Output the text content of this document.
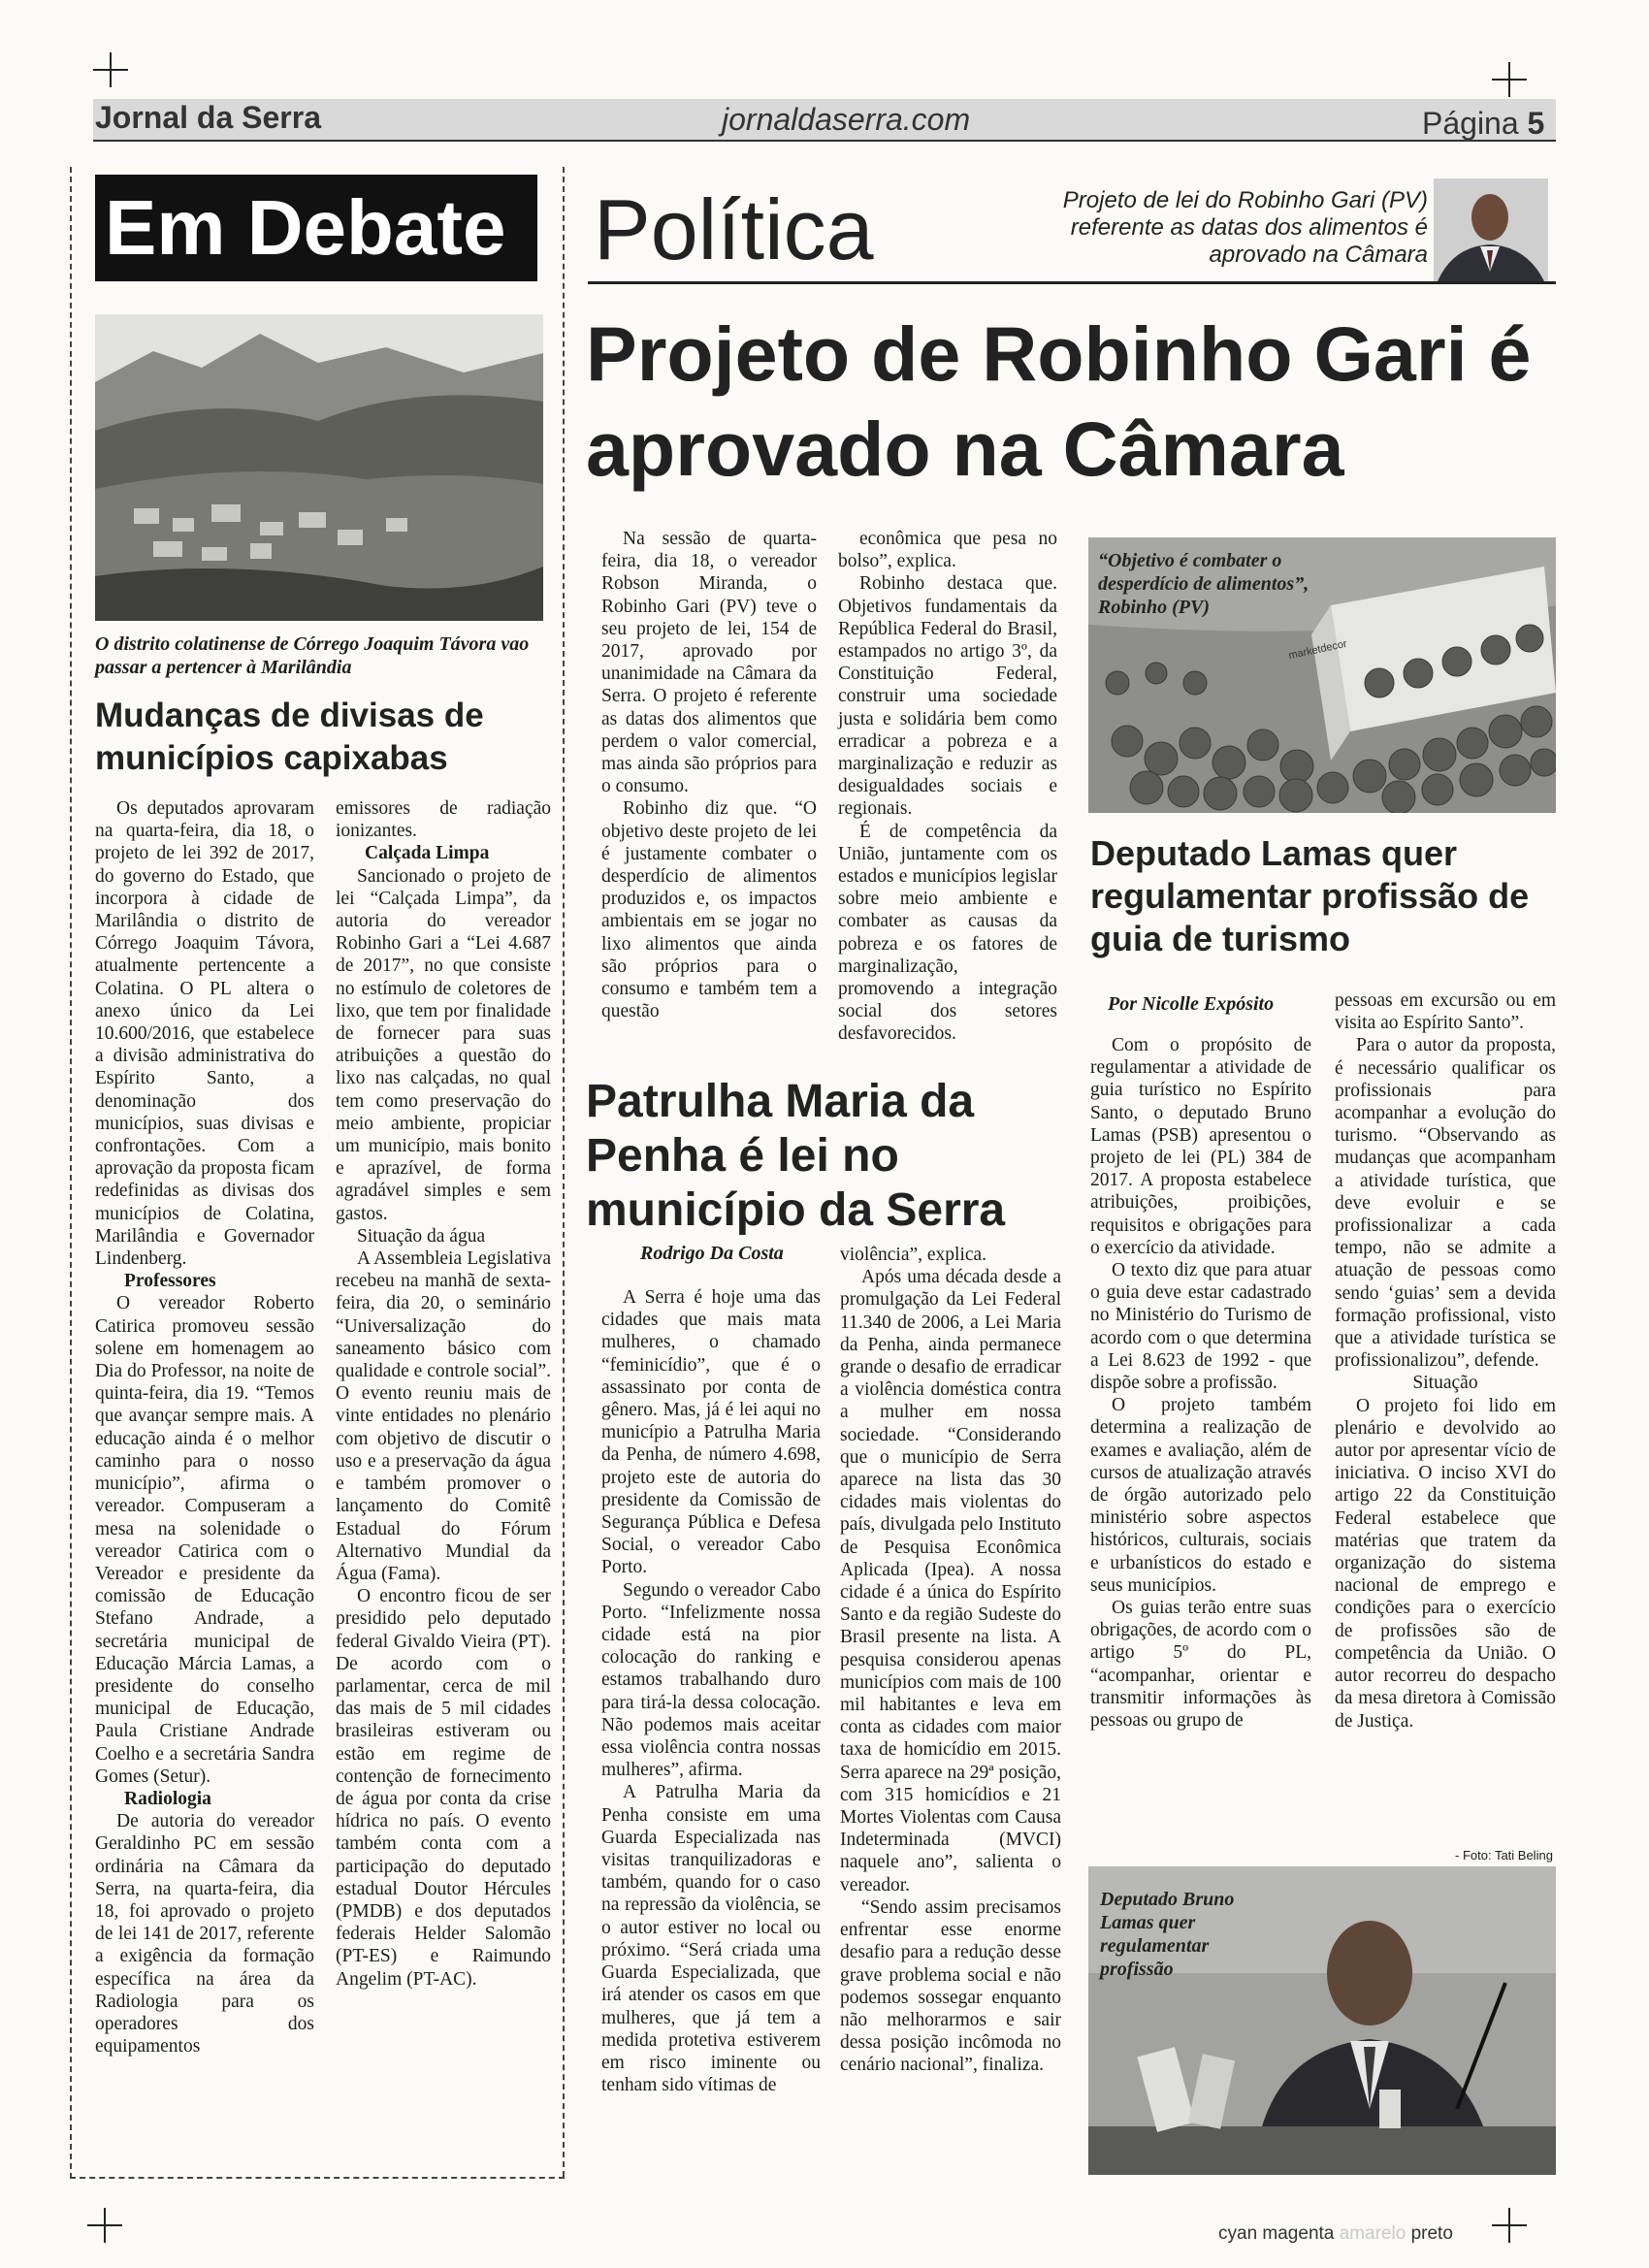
Jornal da Serra	jornaldaserra.com	Página 5
Em Debate	Política	Projeto de lei do Robinho Gari (PV) referente as datas dos alimentos é aprovado na Câmara
Projeto de Robinho Gari é aprovado na Câmara
O distrito colatinense de Córrego Joaquim Távora vao passar a pertencer à Marilândia
Mudanças de divisas de municípios capixabas

Os deputados aprovaram na quarta-feira, dia 18, o projeto de lei 392 de 2017, do governo do Estado, que incorpora à cidade de Marilândia o distrito de Córrego Joaquim Távora, atualmente pertencente a Colatina. O PL altera o anexo único da Lei 10.600/2016, que estabelece a divisão administrativa do Espírito Santo, a denominação dos municípios, suas divisas e confrontações. Com a aprovação da proposta ficam redefinidas as divisas dos municípios de Colatina, Marilândia e Governador Lindenberg.

Professores

O vereador Roberto Catirica promoveu sessão solene em homenagem ao Dia do Professor, na noite de quinta-feira, dia 19. “Temos que avançar sempre mais. A educação ainda é o melhor caminho para o nosso município”, afirma o vereador. Compuseram a mesa na solenidade o vereador Catirica com o Vereador e presidente da comissão de Educação Stefano Andrade, a secretária municipal de Educação Márcia Lamas, a presidente do conselho municipal de Educação, Paula Cristiane Andrade Coelho e a secretária Sandra Gomes (Setur).

Radiologia

De autoria do vereador Geraldinho PC em sessão ordinária na Câmara da Serra, na quarta-feira, dia 18, foi aprovado o projeto de lei 141 de 2017, referente a exigência da formação específica na área da Radiologia para os operadores dos equipamentos

emissores de radiação ionizantes.

Calçada Limpa

Sancionado o projeto de lei “Calçada Limpa”, da autoria do vereador Robinho Gari a “Lei 4.687 de 2017”, no que consiste no estímulo de coletores de lixo, que tem por finalidade de fornecer para suas atribuições a questão do lixo nas calçadas, no qual tem como preservação do meio ambiente, propiciar um município, mais bonito e aprazível, de forma agradável simples e sem gastos.

Situação da água

A Assembleia Legislativa recebeu na manhã de sexta-feira, dia 20, o seminário “Universalização do saneamento básico com qualidade e controle social”. O evento reuniu mais de vinte entidades no plenário com objetivo de discutir o uso e a preservação da água e também promover o lançamento do Comitê Estadual do Fórum Alternativo Mundial da Água (Fama).

O encontro ficou de ser presidido pelo deputado federal Givaldo Vieira (PT). De acordo com o parlamentar, cerca de mil das mais de 5 mil cidades brasileiras estiveram ou estão em regime de contenção de fornecimento de água por conta da crise hídrica no país. O evento também conta com a participação do deputado estadual Doutor Hércules (PMDB) e dos deputados federais Helder Salomão (PT-ES) e Raimundo Angelim (PT-AC).

Na sessão de quarta-feira, dia 18, o vereador Robson Miranda, o Robinho Gari (PV) teve o seu projeto de lei, 154 de 2017, aprovado por unanimidade na Câmara da Serra. O projeto é referente as datas dos alimentos que perdem o valor comercial, mas ainda são próprios para o consumo.

Robinho diz que. “O objetivo deste projeto de lei é justamente combater o desperdício de alimentos produzidos e, os impactos ambientais em se jogar no lixo alimentos que ainda são próprios para o consumo e também tem a questão

econômica que pesa no bolso”, explica.

Robinho destaca que. Objetivos fundamentais da República Federal do Brasil, estampados no artigo 3º, da Constituição Federal, construir uma sociedade justa e solidária bem como erradicar a pobreza e a marginalização e reduzir as desigualdades sociais e regionais.

É de competência da União, juntamente com os estados e municípios legislar sobre meio ambiente e combater as causas da pobreza e os fatores de marginalização, promovendo a integração social dos setores desfavorecidos.

marketdecor
“Objetivo é combater o desperdício de alimentos”, Robinho (PV)
Deputado Lamas quer regulamentar profissão de guia de turismo
Patrulha Maria da Penha é lei no município da Serra
Rodrigo Da Costa

A Serra é hoje uma das cidades que mais mata mulheres, o chamado “feminicídio”, que é o assassinato por conta de gênero. Mas, já é lei aqui no município a Patrulha Maria da Penha, de número 4.698, projeto este de autoria do presidente da Comissão de Segurança Pública e Defesa Social, o vereador Cabo Porto.

Segundo o vereador Cabo Porto. “Infelizmente nossa cidade está na pior colocação do ranking e estamos trabalhando duro para tirá-la dessa colocação. Não podemos mais aceitar essa violência contra nossas mulheres”, afirma.

A Patrulha Maria da Penha consiste em uma Guarda Especializada nas visitas tranquilizadoras e também, quando for o caso na repressão da violência, se o autor estiver no local ou próximo. “Será criada uma Guarda Especializada, que irá atender os casos em que mulheres, que já tem a medida protetiva estiverem em risco iminente ou tenham sido vítimas de

violência”, explica.

Após uma década desde a promulgação da Lei Federal 11.340 de 2006, a Lei Maria da Penha, ainda permanece grande o desafio de erradicar a violência doméstica contra a mulher em nossa sociedade. “Considerando que o município de Serra aparece na lista das 30 cidades mais violentas do país, divulgada pelo Instituto de Pesquisa Econômica Aplicada (Ipea). A nossa cidade é a única do Espírito Santo e da região Sudeste do Brasil presente na lista. A pesquisa considerou apenas municípios com mais de 100 mil habitantes e leva em conta as cidades com maior taxa de homicídio em 2015. Serra aparece na 29ª posição, com 315 homicídios e 21 Mortes Violentas com Causa Indeterminada (MVCI) naquele ano”, salienta o vereador.

“Sendo assim precisamos enfrentar esse enorme desafio para a redução desse grave problema social e não podemos sossegar enquanto não melhorarmos e sair dessa posição incômoda no cenário nacional”, finaliza.

Por Nicolle Expósito

Com o propósito de regulamentar a atividade de guia turístico no Espírito Santo, o deputado Bruno Lamas (PSB) apresentou o projeto de lei (PL) 384 de 2017. A proposta estabelece atribuições, proibições, requisitos e obrigações para o exercício da atividade.

O texto diz que para atuar o guia deve estar cadastrado no Ministério do Turismo de acordo com o que determina a Lei 8.623 de 1992 - que dispõe sobre a profissão.

O projeto também determina a realização de exames e avaliação, além de cursos de atualização através de órgão autorizado pelo ministério sobre aspectos históricos, culturais, sociais e urbanísticos do estado e seus municípios.

Os guias terão entre suas obrigações, de acordo com o artigo 5º do PL, “acompanhar, orientar e transmitir informações às pessoas ou grupo de

pessoas em excursão ou em visita ao Espírito Santo”.

Para o autor da proposta, é necessário qualificar os profissionais para acompanhar a evolução do turismo. “Observando as mudanças que acompanham a atividade turística, que deve evoluir e se profissionalizar a cada tempo, não se admite a atuação de pessoas como sendo ‘guias’ sem a devida formação profissional, visto que a atividade turística se profissionalizou”, defende.

Situação

O projeto foi lido em plenário e devolvido ao autor por apresentar vício de iniciativa. O inciso XVI do artigo 22 da Constituição Federal estabelece que matérias que tratem da organização do sistema nacional de emprego e condições para o exercício de profissões são de competência da União. O autor recorreu do despacho da mesa diretora à Comissão de Justiça.

- Foto: Tati Beling
Deputado Bruno Lamas quer regulamentar profissão
cyan magenta amarelo preto
